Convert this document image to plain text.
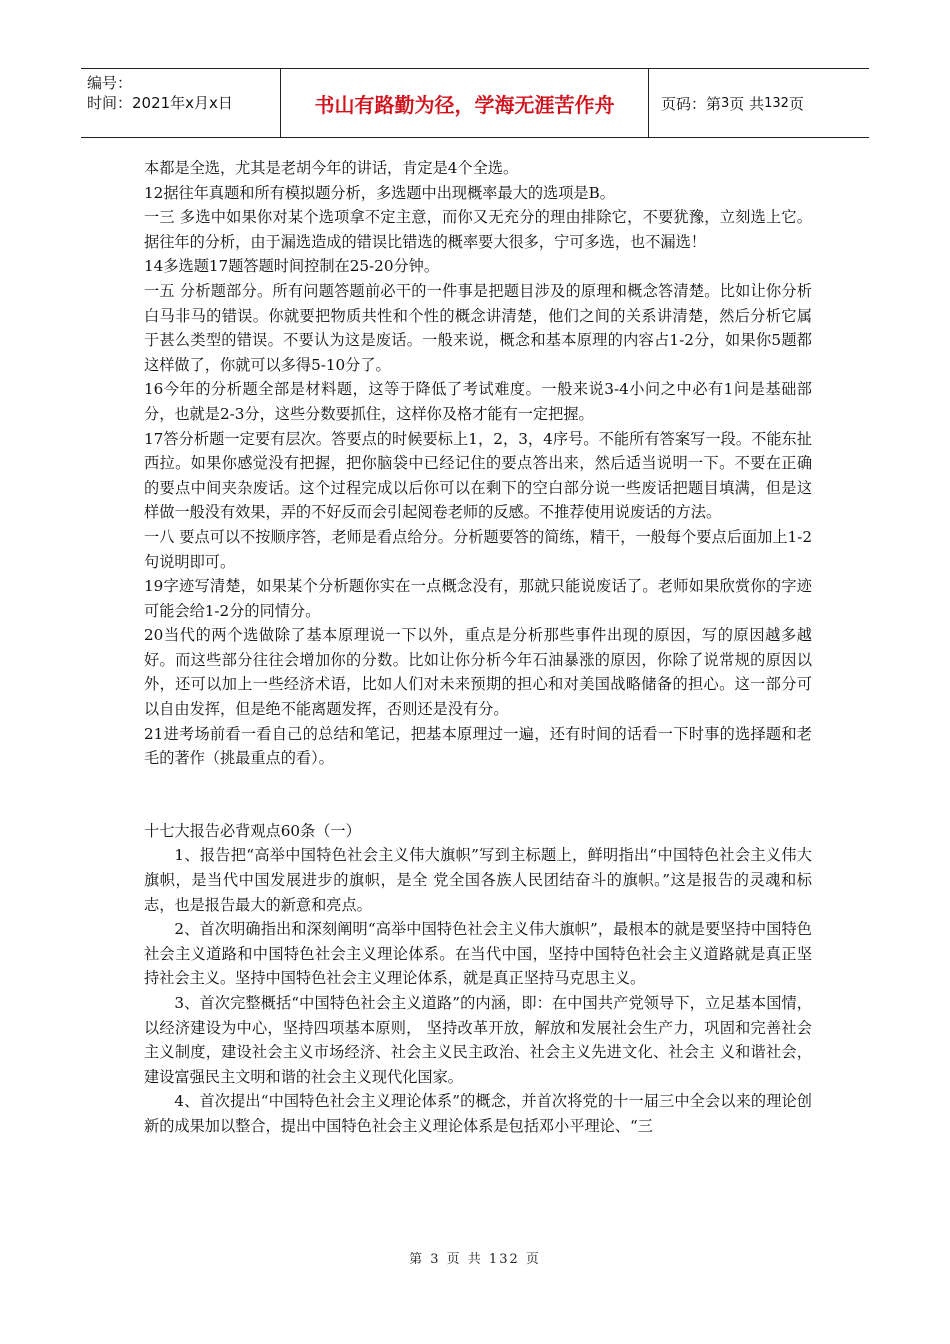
编号：
时间：2021年x月x日	书山有路勤为径，学海无涯苦作舟	页码：第 3 页 共 132 页

本都是全选，尤其是老胡今年的讲话，肯定是4个全选。

12据往年真题和所有模拟题分析，多选题中出现概率最大的选项是B。

一三 多选中如果你对某个选项拿不定主意，而你又无充分的理由排除它，不要犹豫，立刻选上它。据往年的分析，由于漏选造成的错误比错选的概率要大很多，宁可多选，也不漏选！

14多选题17题答题时间控制在25-20分钟。

一五 分析题部分。所有问题答题前必干的一件事是把题目涉及的原理和概念答清楚。比如让你分析白马非马的错误。你就要把物质共性和个性的概念讲清楚，他们之间的关系讲清楚，然后分析它属于甚么类型的错误。不要认为这是废话。一般来说，概念和基本原理的内容占1-2分，如果你5题都这样做了，你就可以多得5-10分了。

16今年的分析题全部是材料题，这等于降低了考试难度。一般来说3-4小问之中必有1问是基础部分，也就是2-3分，这些分数要抓住，这样你及格才能有一定把握。

17答分析题一定要有层次。答要点的时候要标上1，2，3，4序号。不能所有答案写一段。不能东扯西拉。如果你感觉没有把握，把你脑袋中已经记住的要点答出来，然后适当说明一下。不要在正确的要点中间夹杂废话。这个过程完成以后你可以在剩下的空白部分说一些废话把题目填满，但是这样做一般没有效果，弄的不好反而会引起阅卷老师的反感。不推荐使用说废话的方法。

一八 要点可以不按顺序答，老师是看点给分。分析题要答的简练，精干，一般每个要点后面加上1-2句说明即可。

19字迹写清楚，如果某个分析题你实在一点概念没有，那就只能说废话了。老师如果欣赏你的字迹可能会给1-2分的同情分。

20当代的两个选做除了基本原理说一下以外，重点是分析那些事件出现的原因，写的原因越多越好。而这些部分往往会增加你的分数。比如让你分析今年石油暴涨的原因，你除了说常规的原因以外，还可以加上一些经济术语，比如人们对未来预期的担心和对美国战略储备的担心。这一部分可以自由发挥，但是绝不能离题发挥，否则还是没有分。

21进考场前看一看自己的总结和笔记，把基本原理过一遍，还有时间的话看一下时事的选择题和老毛的著作（挑最重点的看）。

十七大报告必背观点60条（一）

1、报告把“高举中国特色社会主义伟大旗帜”写到主标题上，鲜明指出“中国特色社会主义伟大旗帜，是当代中国发展进步的旗帜，是全 党全国各族人民团结奋斗的旗帜。”这是报告的灵魂和标志，也是报告最大的新意和亮点。

2、首次明确指出和深刻阐明“高举中国特色社会主义伟大旗帜”，最根本的就是要坚持中国特色社会主义道路和中国特色社会主义理论体系。在当代中国，坚持中国特色社会主义道路就是真正坚持社会主义。坚持中国特色社会主义理论体系，就是真正坚持马克思主义。

3、首次完整概括“中国特色社会主义道路”的内涵，即：在中国共产党领导下，立足基本国情，以经济建设为中心，坚持四项基本原则， 坚持改革开放，解放和发展社会生产力，巩固和完善社会主义制度，建设社会主义市场经济、社会主义民主政治、社会主义先进文化、社会主 义和谐社会，建设富强民主文明和谐的社会主义现代化国家。

4、首次提出“中国特色社会主义理论体系”的概念，并首次将党的十一届三中全会以来的理论创新的成果加以整合，提出中国特色社会主义理论体系是包括邓小平理论、“三

第 3 页 共 132 页
